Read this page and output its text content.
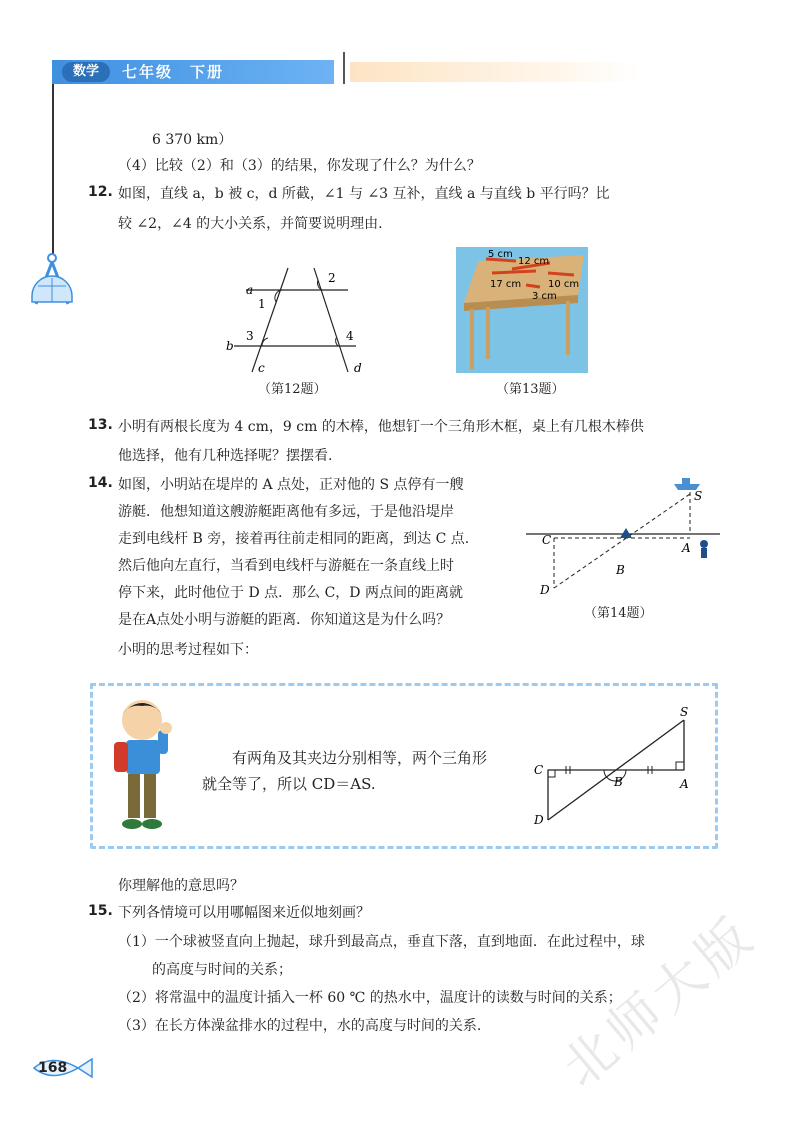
数学	七年级　下册
6 370 km）
（4）比较（2）和（3）的结果，你发现了什么？为什么？
12. 如图，直线 a，b 被 c，d 所截，∠1 与 ∠3 互补，直线 a 与直线 b 平行吗？比
较 ∠2，∠4 的大小关系，并简要说明理由.
a
b
c	d
1
2
3	4
（第12题）
5 cm
12 cm
10 cm
17 cm
3 cm
（第13题）
13. 小明有两根长度为 4 cm，9 cm 的木棒，他想钉一个三角形木框，桌上有几根木棒供
他选择，他有几种选择呢？摆摆看.
14. 如图，小明站在堤岸的 A 点处，正对他的 S 点停有一艘
游艇．他想知道这艘游艇距离他有多远，于是他沿堤岸
走到电线杆 B 旁，接着再往前走相同的距离，到达 C 点.
然后他向左直行，当看到电线杆与游艇在一条直线上时
停下来，此时他位于 D 点．那么 C，D 两点间的距离就
是在A点处小明与游艇的距离．你知道这是为什么吗？
小明的思考过程如下：
S
C
B
A
D
（第14题）
有两角及其夹边分别相等，两个三角形
就全等了，所以 CD＝AS.
S
C
B	A
D
你理解他的意思吗？
15. 下列各情境可以用哪幅图来近似地刻画？
（1）一个球被竖直向上抛起，球升到最高点，垂直下落，直到地面．在此过程中，球
的高度与时间的关系；
（2）将常温中的温度计插入一杯 60 ℃ 的热水中，温度计的读数与时间的关系；
（3）在长方体澡盆排水的过程中，水的高度与时间的关系. 北师大版
168
